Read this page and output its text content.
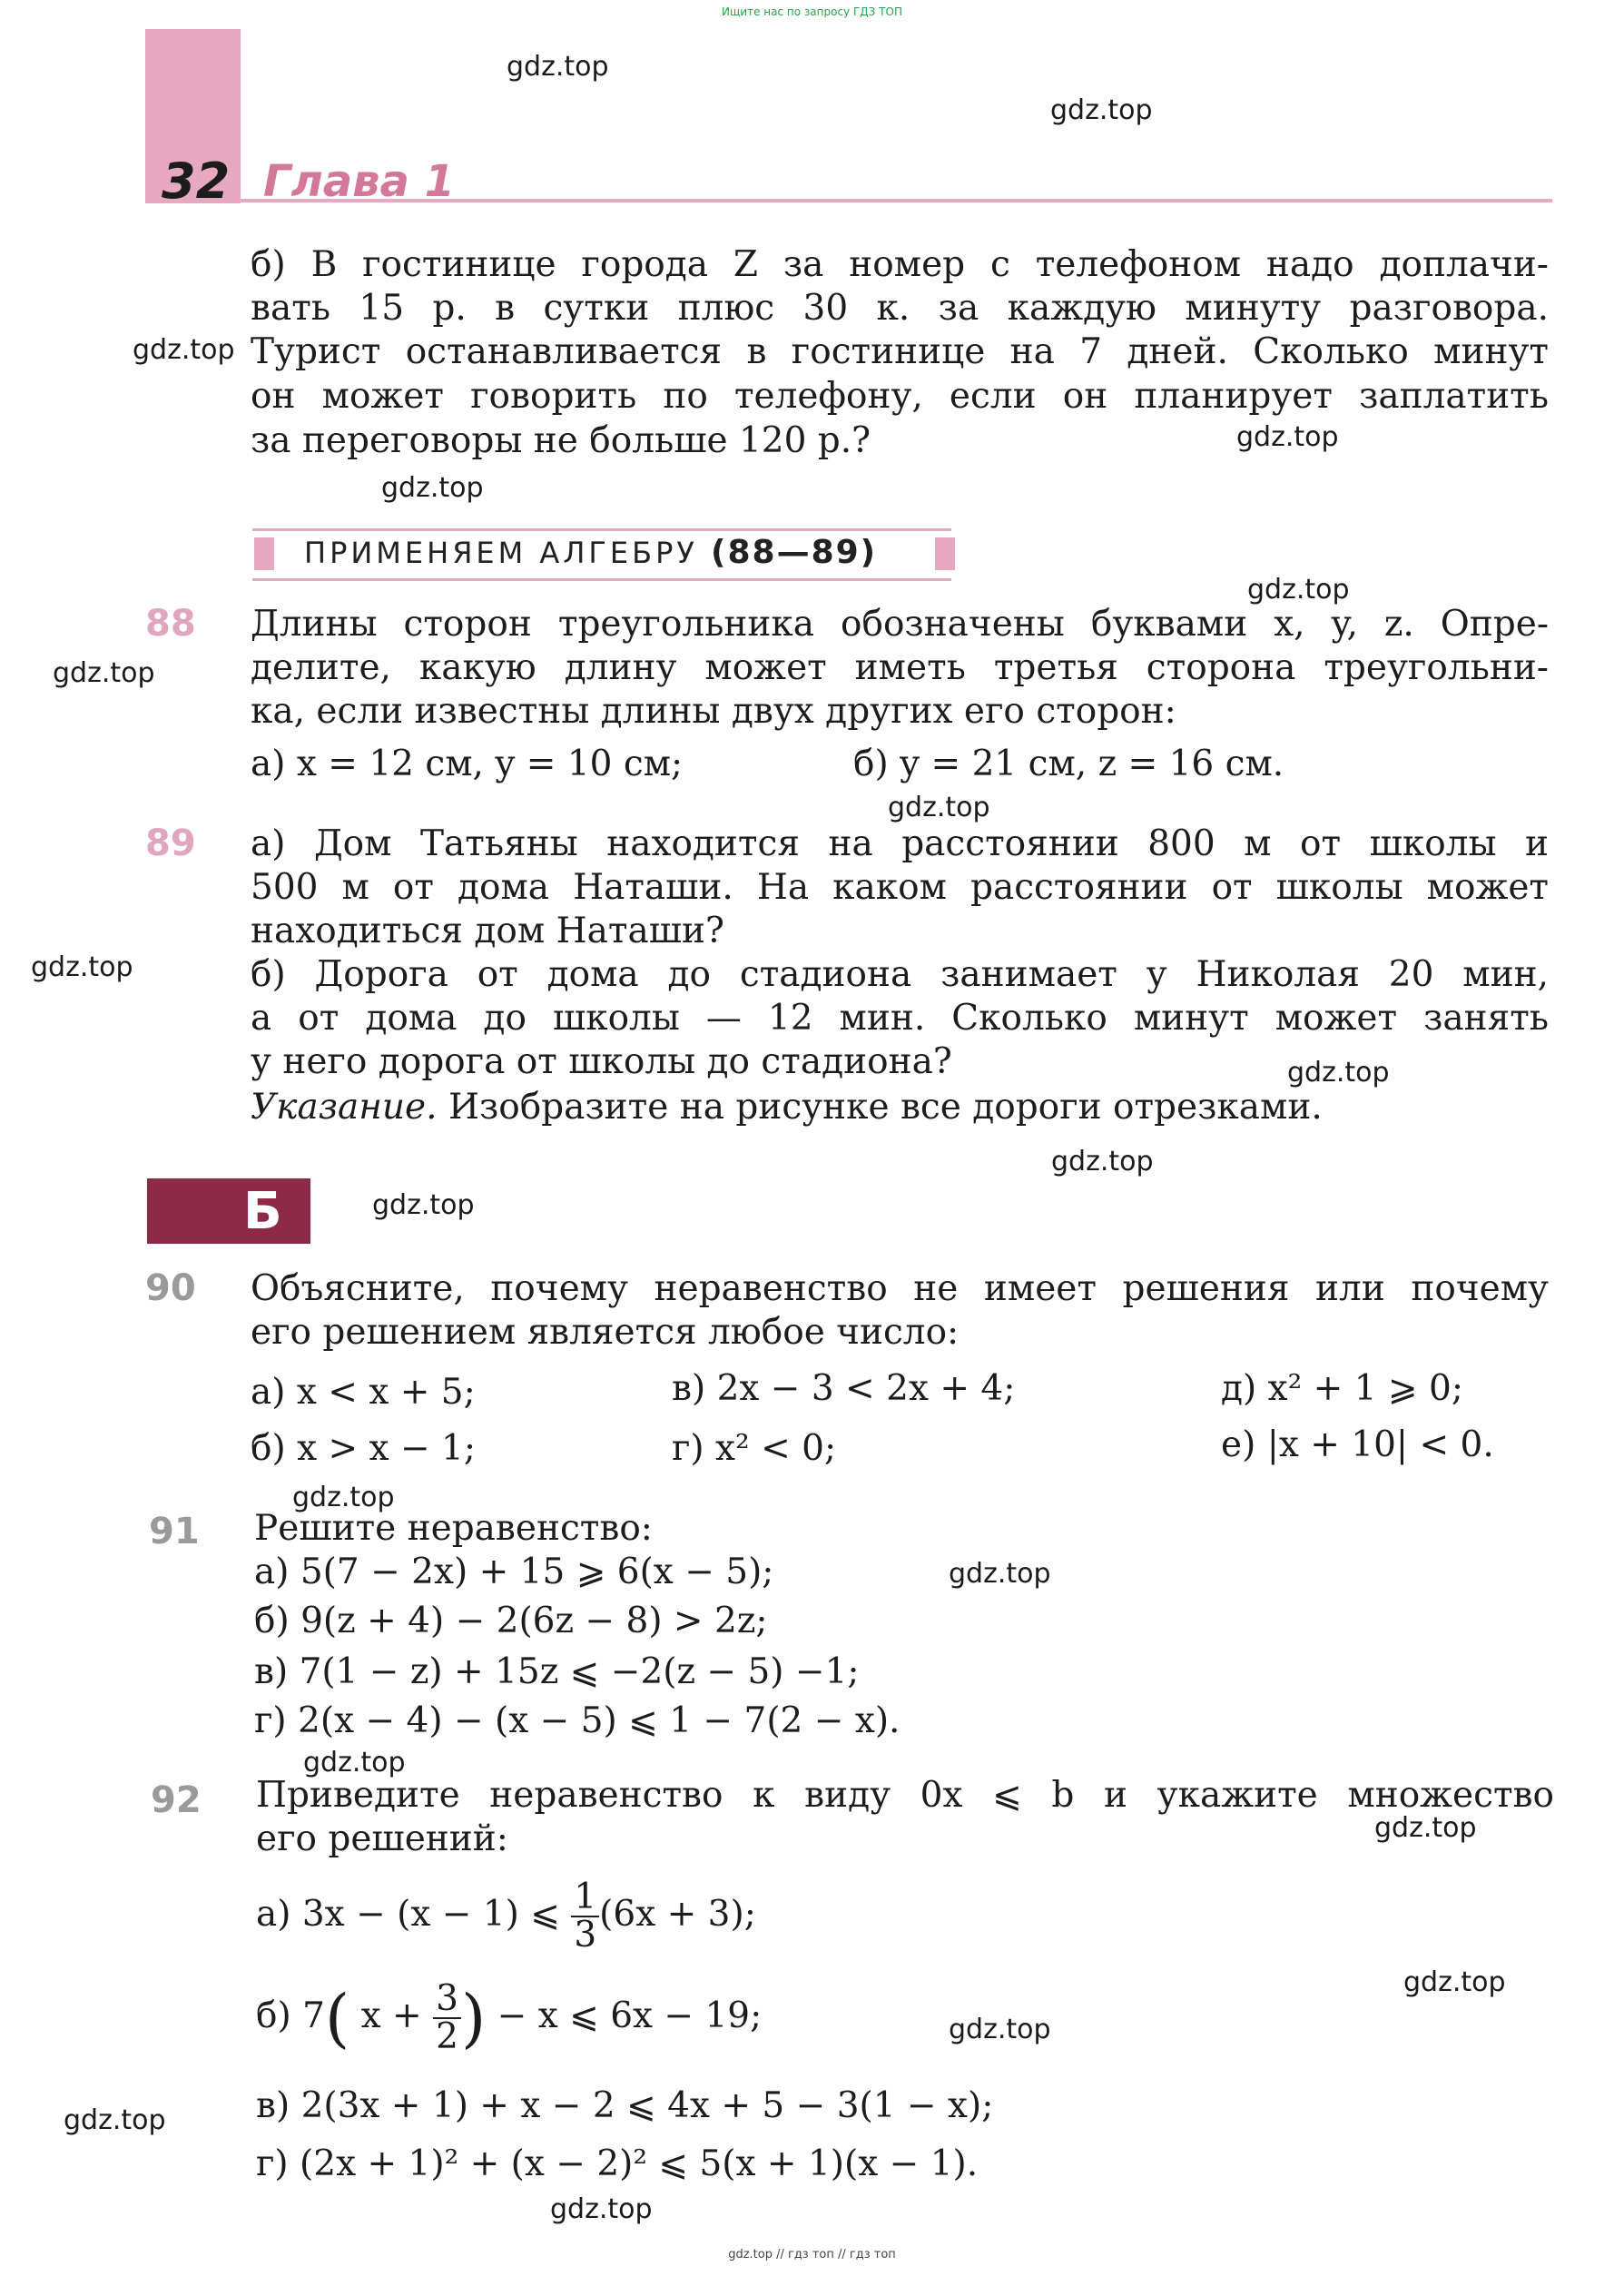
Ищите нас по запросу ГДЗ ТОП
gdz.top // гдз топ // гдз топ
32 Глава 1
б) В гостинице города Z за номер с телефоном надо доплачи-
вать 15 р. в сутки плюс 30 к. за каждую минуту разговора.
Турист останавливается в гостинице на 7 дней. Сколько минут
он может говорить по телефону, если он планирует заплатить
за переговоры не больше 120 р.?
ПРИМЕНЯЕМ АЛГЕБРУ (88—89)
88 Длины сторон треугольника обозначены буквами x, y, z. Опре-
делите, какую длину может иметь третья сторона треугольни-
ка, если известны длины двух других его сторон:
а) x = 12 см, y = 10 см;	б) y = 21 см, z = 16 см.
89 а) Дом Татьяны находится на расстоянии 800 м от школы и
500 м от дома Наташи. На каком расстоянии от школы может
находиться дом Наташи?
б) Дорога от дома до стадиона занимает у Николая 20 мин,
а от дома до школы — 12 мин. Сколько минут может занять
у него дорога от школы до стадиона?
Указание. Изобразите на рисунке все дороги отрезками.
Б
90 Объясните, почему неравенство не имеет решения или почему
его решением является любое число:
а) x < x + 5;	в) 2x − 3 < 2x + 4;	д) x² + 1 ⩾ 0;
б) x > x − 1;	г) x² < 0;	е) |x + 10| < 0.
91 Решите неравенство:
а) 5(7 − 2x) + 15 ⩾ 6(x − 5);
б) 9(z + 4) − 2(6z − 8) > 2z;
в) 7(1 − z) + 15z ⩽ −2(z − 5) −1;
г) 2(x − 4) − (x − 5) ⩽ 1 − 7(2 − x).
92 Приведите неравенство к виду 0x ⩽ b и укажите множество
его решений:
а) 3x − (x − 1) ⩽ $\frac{1}{3} (6x + 3)$;
б) 7( $x + \frac{3}{2}$ ) − x ⩽ 6x − 19;
в) 2(3x + 1) + x − 2 ⩽ 4x + 5 − 3(1 − x);
г) (2x + 1)² + (x − 2)² ⩽ 5(x + 1)(x − 1).
gdz.top
gdz.top
gdz.top
gdz.top
gdz.top
gdz.top
gdz.top
gdz.top
gdz.top
gdz.top
gdz.top
gdz.top
gdz.top
gdz.top
gdz.top
gdz.top
gdz.top
gdz.top
gdz.top
gdz.top
